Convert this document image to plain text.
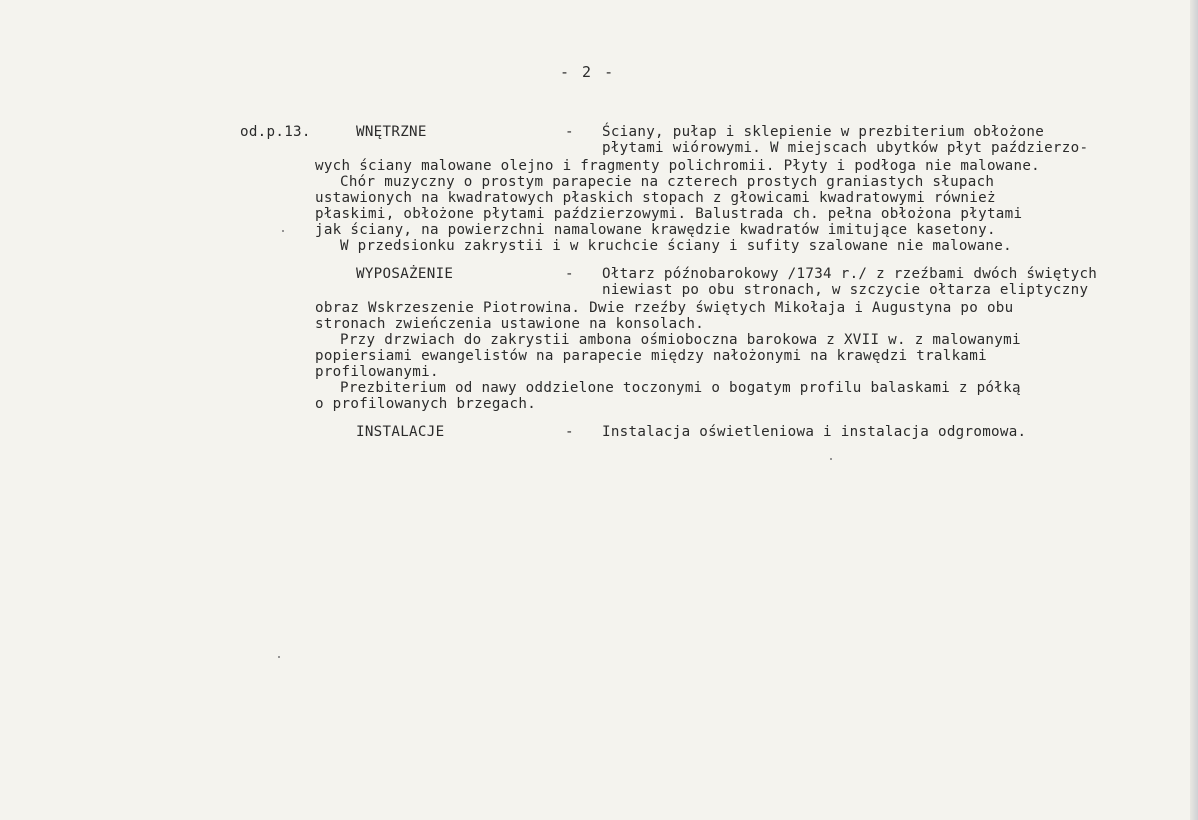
- 2 -
od.p.13.	WNĘTRZNE	- Ściany, pułap i sklepienie w prezbiterium obłożone
płytami wiórowymi. W miejscach ubytków płyt paździerzo-
wych ściany malowane olejno i fragmenty polichromii. Płyty i podłoga nie malowane.
Chór muzyczny o prostym parapecie na czterech prostych graniastych słupach
ustawionych na kwadratowych płaskich stopach z głowicami kwadratowymi również
płaskimi, obłożone płytami paździerzowymi. Balustrada ch. pełna obłożona płytami
jak ściany, na powierzchni namalowane krawędzie kwadratów imitujące kasetony.
W przedsionku zakrystii i w kruchcie ściany i sufity szalowane nie malowane.
WYPOSAŻENIE	- Ołtarz późnobarokowy /1734 r./ z rzeźbami dwóch świętych
niewiast po obu stronach, w szczycie ołtarza eliptyczny
obraz Wskrzeszenie Piotrowina. Dwie rzeźby świętych Mikołaja i Augustyna po obu
stronach zwieńczenia ustawione na konsolach.
Przy drzwiach do zakrystii ambona ośmioboczna barokowa z XVII w. z malowanymi
popiersiami ewangelistów na parapecie między nałożonymi na krawędzi tralkami
profilowanymi.
Prezbiterium od nawy oddzielone toczonymi o bogatym profilu balaskami z półką
o profilowanych brzegach.
INSTALACJE	- Instalacja oświetleniowa i instalacja odgromowa.
